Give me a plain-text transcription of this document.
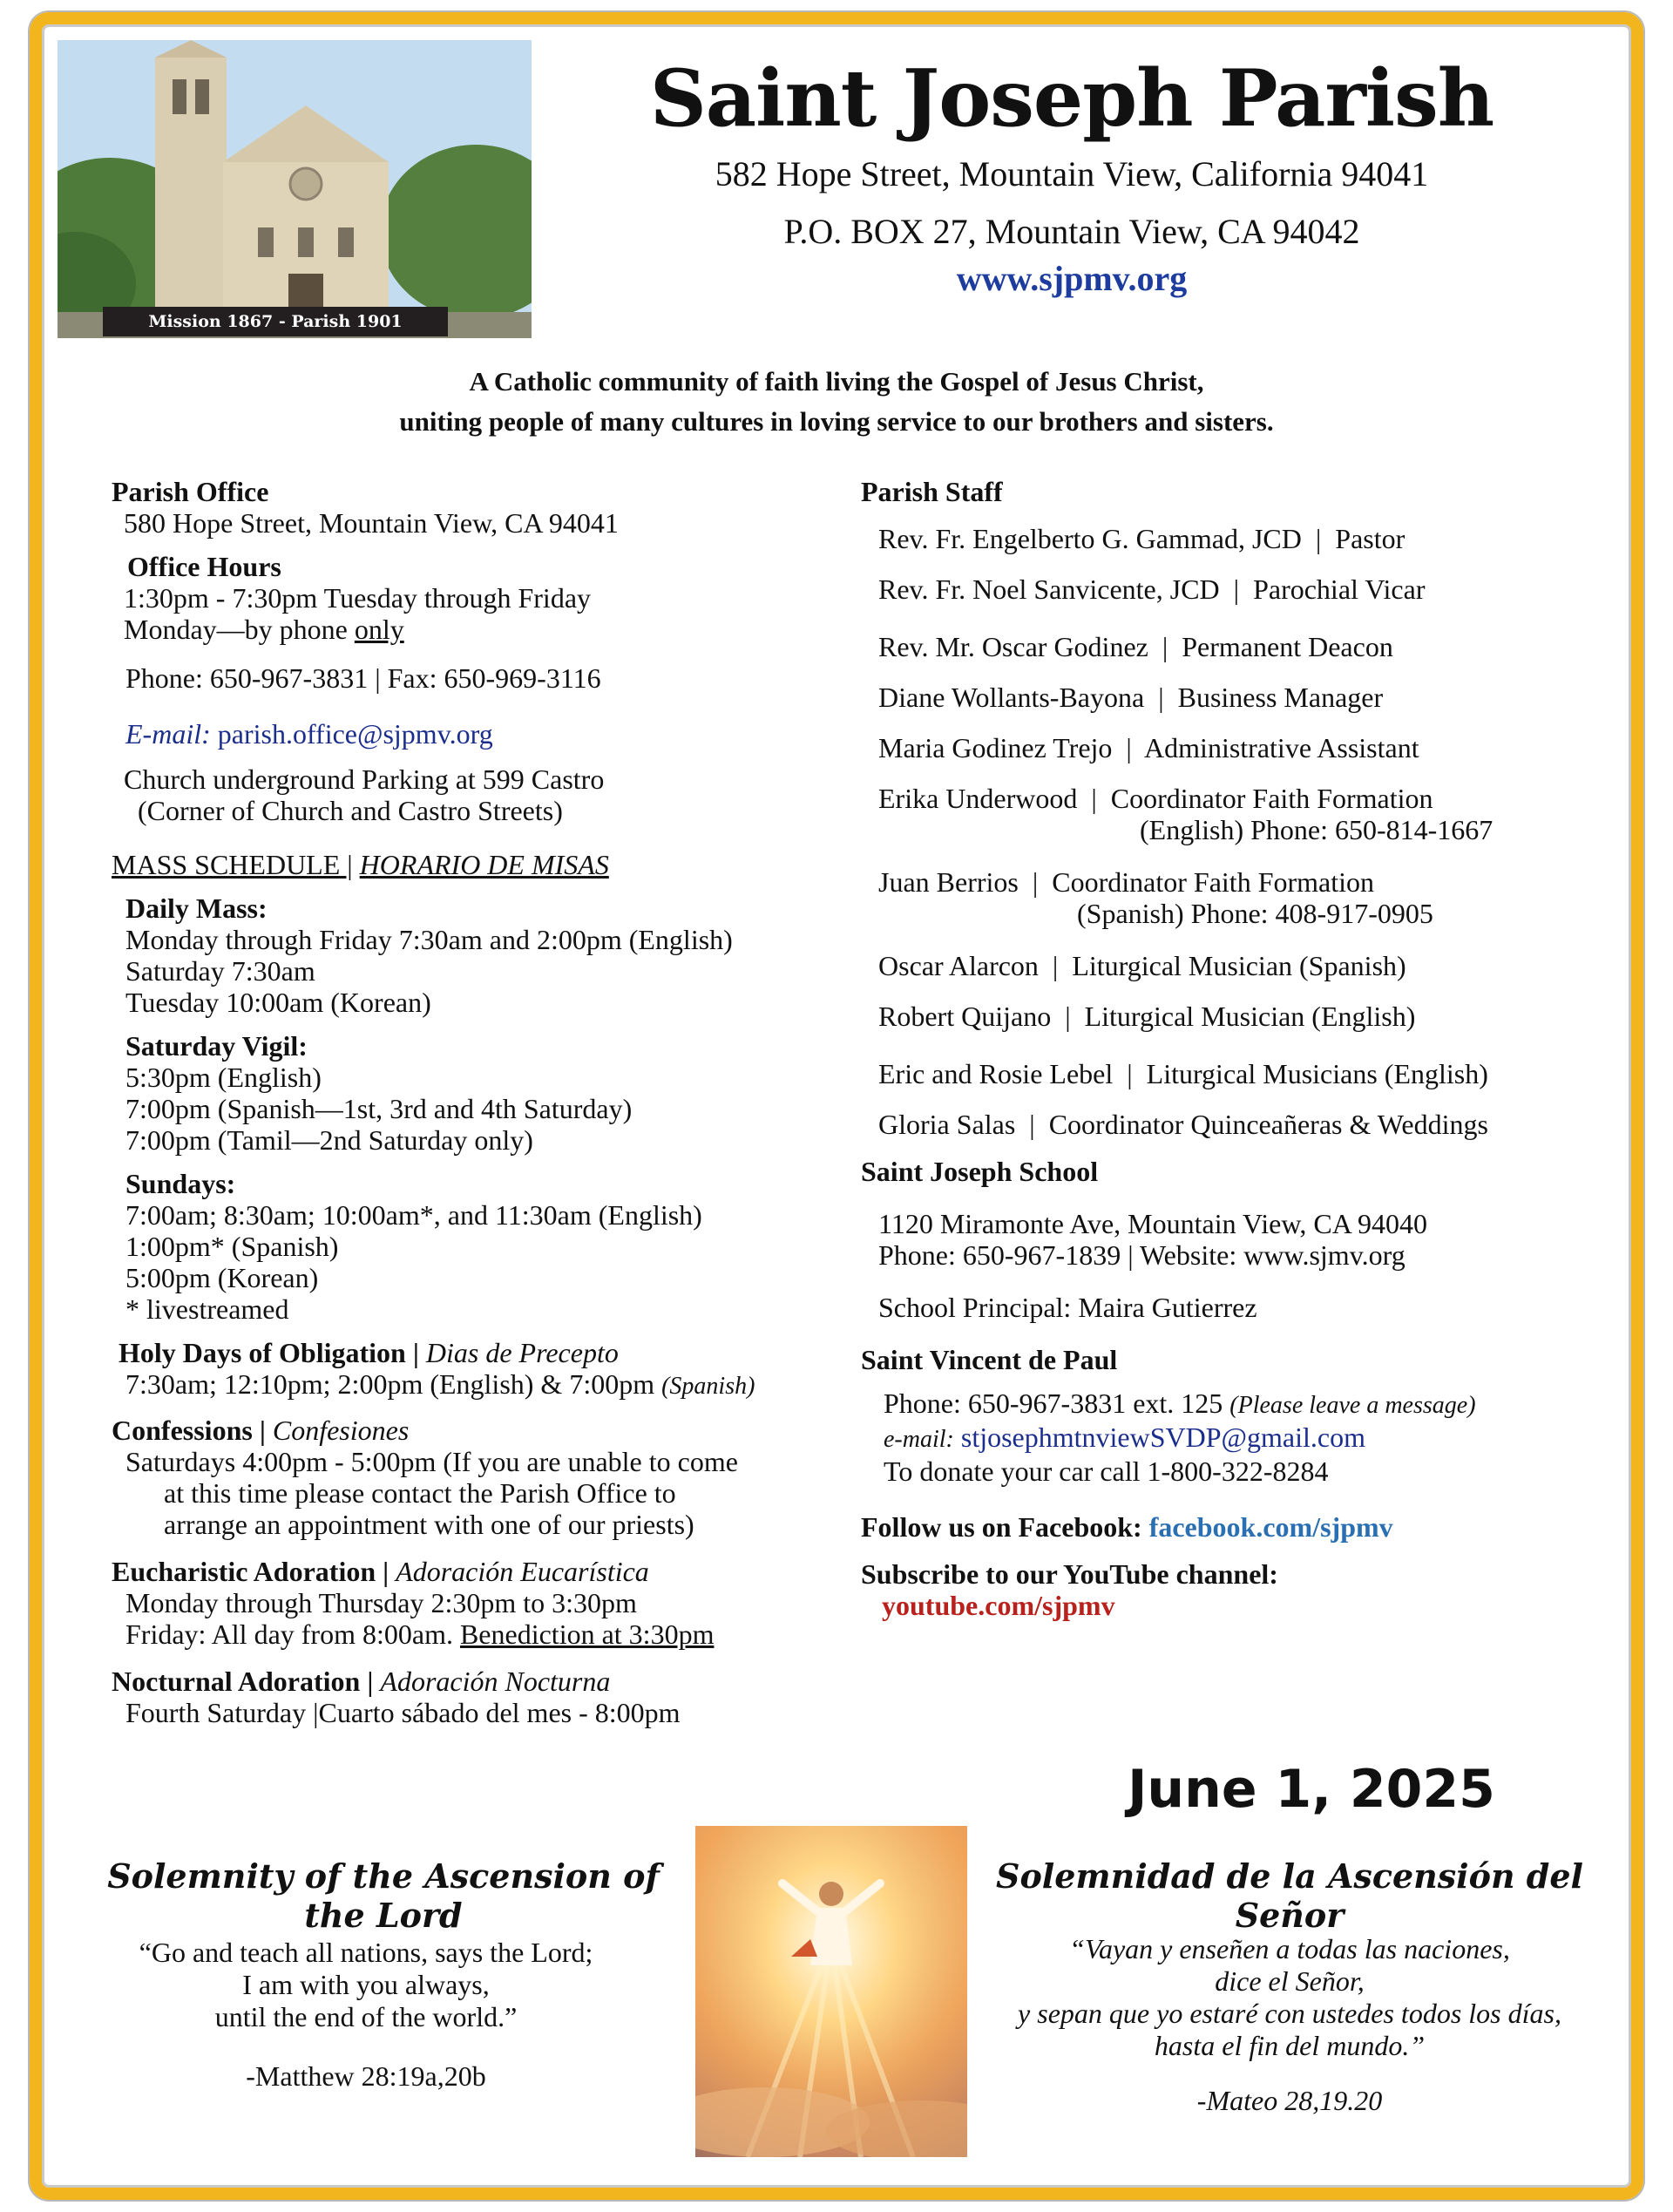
Mission 1867 - Parish 1901
Saint Joseph Parish
582 Hope Street, Mountain View, California 94041
P.O. BOX 27, Mountain View, CA 94042
www.sjpmv.org
A Catholic community of faith living the Gospel of Jesus Christ,
uniting people of many cultures in loving service to our brothers and sisters.
Parish Office
580 Hope Street, Mountain View, CA 94041
Office Hours
1:30pm - 7:30pm Tuesday through Friday
Monday—by phone only
Phone: 650-967-3831 | Fax: 650-969-3116
E-mail: parish.office@sjpmv.org
Church underground Parking at 599 Castro
(Corner of Church and Castro Streets)
MASS SCHEDULE | HORARIO DE MISAS
Daily Mass:
Monday through Friday 7:30am and 2:00pm (English)
Saturday 7:30am
Tuesday 10:00am (Korean)
Saturday Vigil:
5:30pm (English)
7:00pm (Spanish—1st, 3rd and 4th Saturday)
7:00pm (Tamil—2nd Saturday only)
Sundays:
7:00am; 8:30am; 10:00am*, and 11:30am (English)
1:00pm* (Spanish)
5:00pm (Korean)
* livestreamed
Holy Days of Obligation | Dias de Precepto
7:30am; 12:10pm; 2:00pm (English) & 7:00pm (Spanish)
Confessions | Confesiones
Saturdays 4:00pm - 5:00pm (If you are unable to come
at this time please contact the Parish Office to
arrange an appointment with one of our priests)
Eucharistic Adoration | Adoración Eucarística
Monday through Thursday 2:30pm to 3:30pm
Friday: All day from 8:00am. Benediction at 3:30pm
Nocturnal Adoration | Adoración Nocturna
Fourth Saturday |Cuarto sábado del mes - 8:00pm
Parish Staff
Rev. Fr. Engelberto G. Gammad, JCD  |  Pastor
Rev. Fr. Noel Sanvicente, JCD  |  Parochial Vicar
Rev. Mr. Oscar Godinez  |  Permanent Deacon
Diane Wollants-Bayona  |  Business Manager
Maria Godinez Trejo  |  Administrative Assistant
Erika Underwood  |  Coordinator Faith Formation
(English) Phone: 650-814-1667
Juan Berrios  |  Coordinator Faith Formation
(Spanish) Phone: 408-917-0905
Oscar Alarcon  |  Liturgical Musician (Spanish)
Robert Quijano  |  Liturgical Musician (English)
Eric and Rosie Lebel  |  Liturgical Musicians (English)
Gloria Salas  |  Coordinator Quinceañeras & Weddings
Saint Joseph School
1120 Miramonte Ave, Mountain View, CA 94040
Phone: 650-967-1839 | Website: www.sjmv.org
School Principal: Maira Gutierrez
Saint Vincent de Paul
Phone: 650-967-3831 ext. 125 (Please leave a message)
e-mail: stjosephmtnviewSVDP@gmail.com
To donate your car call 1-800-322-8284
Follow us on Facebook: facebook.com/sjpmv
Subscribe to our YouTube channel:
youtube.com/sjpmv
June 1, 2025
Solemnity of the Ascension of the Lord
“Go and teach all nations, says the Lord;
I am with you always,
until the end of the world.”
-Matthew 28:19a,20b
Solemnidad de la Ascensión del Señor
“Vayan y enseñen a todas las naciones,
dice el Señor,
y sepan que yo estaré con ustedes todos los días,
hasta el fin del mundo.”
-Mateo 28,19.20
